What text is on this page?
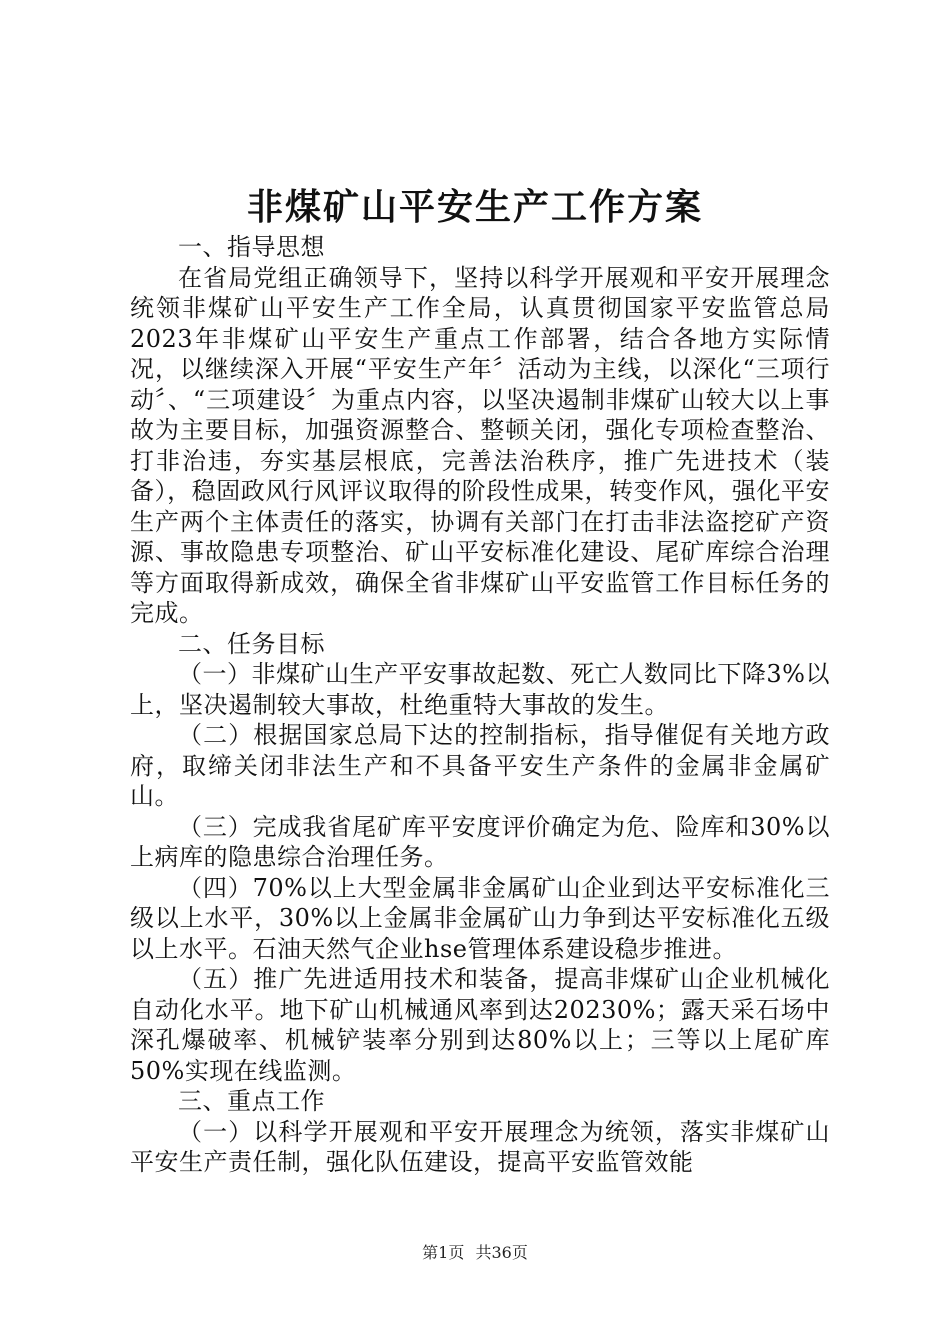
非煤矿山平安生产工作方案

一、指导思想

在省局党组正确领导下，坚持以科学开展观和平安开展理念统领非煤矿山平安生产工作全局，认真贯彻国家平安监管总局2023年非煤矿山平安生产重点工作部署，结合各地方实际情况，以继续深入开展“平安生产年〞活动为主线，以深化“三项行动〞、“三项建设〞为重点内容，以坚决遏制非煤矿山较大以上事故为主要目标，加强资源整合、整顿关闭，强化专项检查整治、打非治违，夯实基层根底，完善法治秩序，推广先进技术（装备），稳固政风行风评议取得的阶段性成果，转变作风，强化平安生产两个主体责任的落实，协调有关部门在打击非法盗挖矿产资源、事故隐患专项整治、矿山平安标准化建设、尾矿库综合治理等方面取得新成效，确保全省非煤矿山平安监管工作目标任务的完成。

二、任务目标

（一）非煤矿山生产平安事故起数、死亡人数同比下降3%以上，坚决遏制较大事故，杜绝重特大事故的发生。

（二）根据国家总局下达的控制指标，指导催促有关地方政府，取缔关闭非法生产和不具备平安生产条件的金属非金属矿山。

（三）完成我省尾矿库平安度评价确定为危、险库和30%以上病库的隐患综合治理任务。

（四）70%以上大型金属非金属矿山企业到达平安标准化三级以上水平，30%以上金属非金属矿山力争到达平安标准化五级以上水平。石油天然气企业hse管理体系建设稳步推进。

（五）推广先进适用技术和装备，提高非煤矿山企业机械化自动化水平。地下矿山机械通风率到达20230%；露天采石场中深孔爆破率、机械铲装率分别到达80%以上；三等以上尾矿库50%实现在线监测。

三、重点工作

（一）以科学开展观和平安开展理念为统领，落实非煤矿山平安生产责任制，强化队伍建设，提高平安监管效能

第1页 共36页
